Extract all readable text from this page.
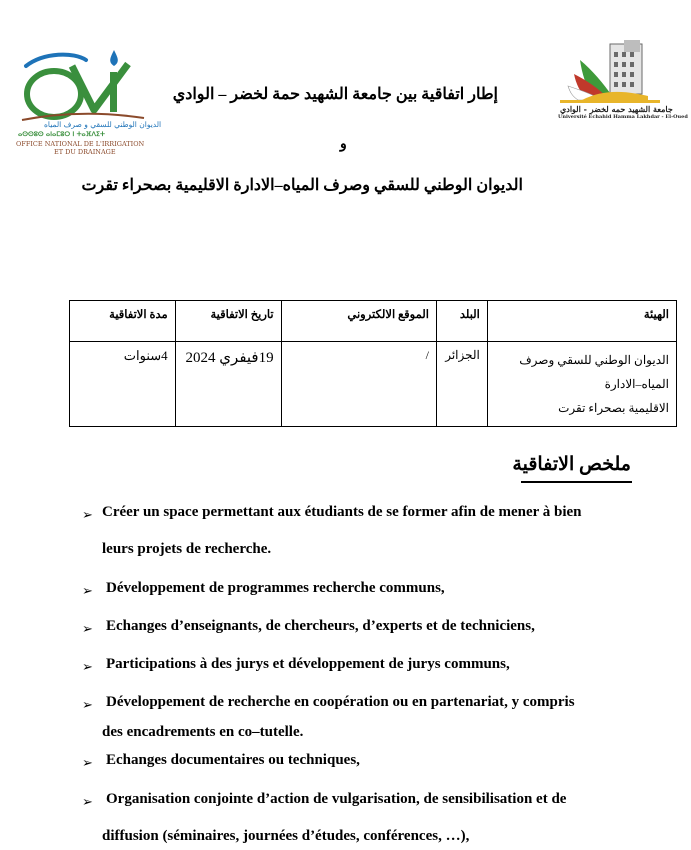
الديوان الوطني للسقي و صرف المياه
ⴰⵙⵙⵓⵙ ⴰⵏⴰⵎⵓⵔ ⵏ ⵜⴰⴼⴷⵉⵜ
OFFICE NATIONAL DE L'IRRIGATION
ET DU DRAINAGE
جامعة الشهيد حمه لخضر - الوادي
Université Echahid Hamma Lakhdar - El-Oued
إطار اتفاقية بين جامعة الشهيد حمة لخضر – الوادي
و
الديوان الوطني للسقي وصرف المياه–الادارة الاقليمية بصحراء تقرت
الهيئة	البلد	الموقع الالكتروني	تاريخ الاتفاقية	مدة الاتفاقية

الديوان الوطني للسقي وصرف المياه–الادارة
الاقليمية بصحراء تقرت	الجزائر	/	19فيفري 2024	4سنوات
ملخص الاتفاقية
➢ Créer un space permettant aux étudiants de se former afin de mener à bien
leurs projets de recherche.
➢ Développement de programmes recherche communs,
➢ Echanges d’enseignants, de chercheurs, d’experts et de techniciens,
➢ Participations à des jurys et développement de jurys communs,
➢ Développement de recherche en coopération ou en partenariat, y compris
des encadrements en co–tutelle.
➢ Echanges documentaires ou techniques,
➢ Organisation conjointe d’action de vulgarisation, de sensibilisation et de
diffusion (séminaires, journées d’études, conférences, …),
